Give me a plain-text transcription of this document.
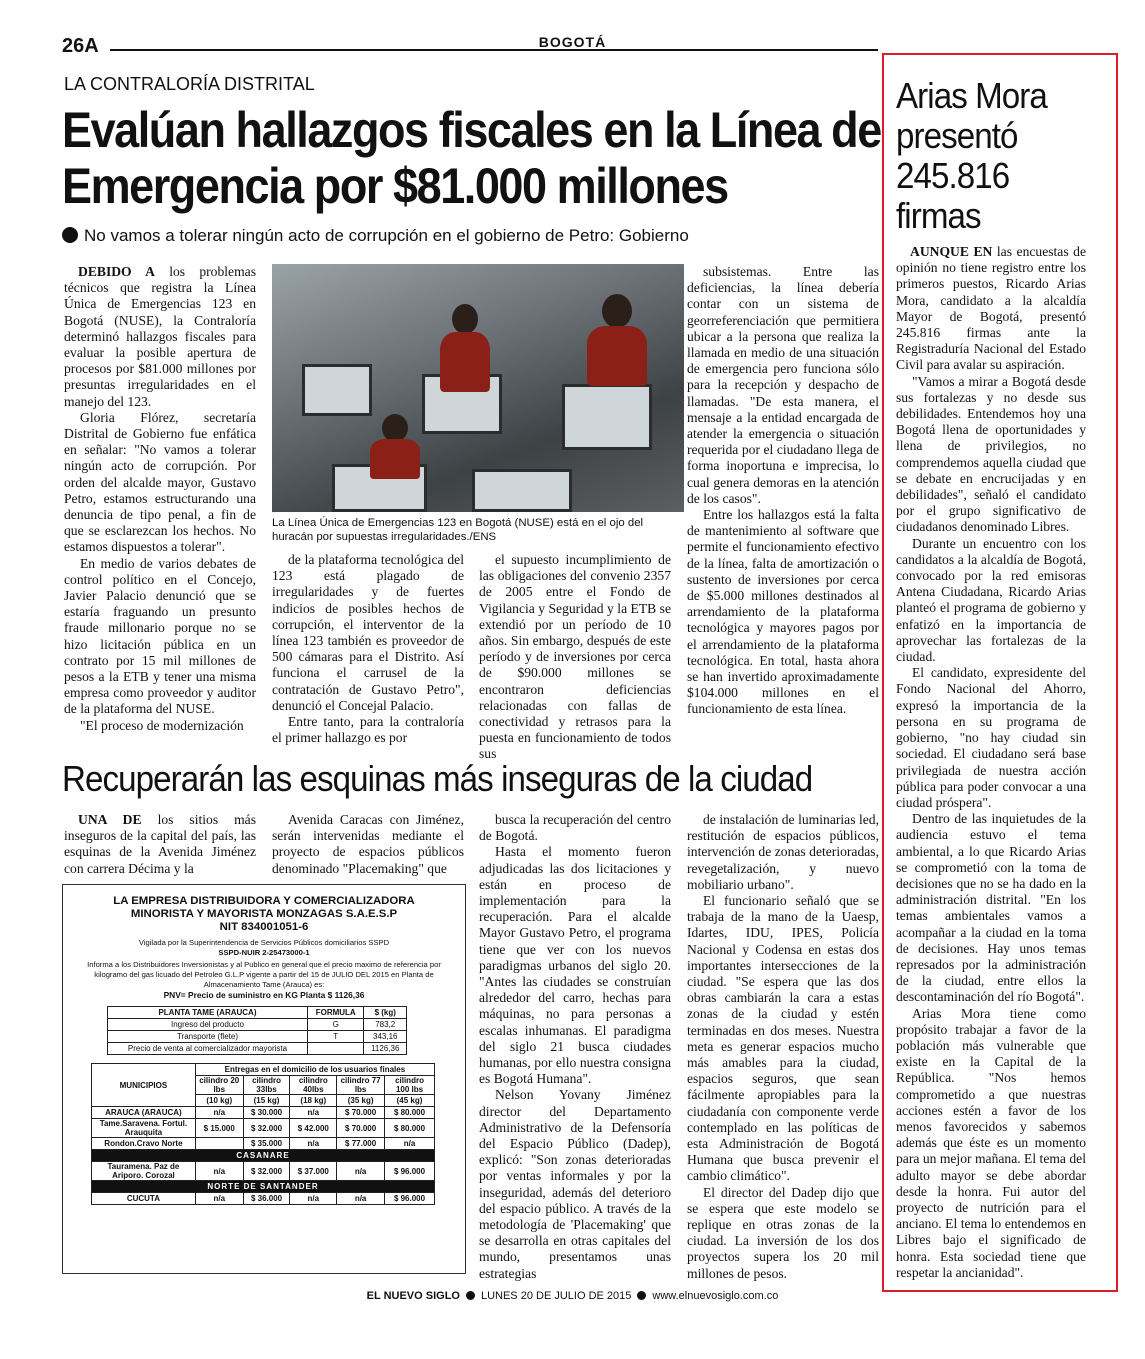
26A	BOGOTÁ
LA CONTRALORÍA DISTRITAL
Evalúan hallazgos fiscales en la Línea de Emergencia por $81.000 millones
No vamos a tolerar ningún acto de corrupción en el gobierno de Petro: Gobierno

DEBIDO A los problemas técnicos que registra la Línea Única de Emergencias 123 en Bogotá (NUSE), la Contraloría determinó hallazgos fiscales para evaluar la posible apertura de procesos por $81.000 millones por presuntas irregularidades en el manejo del 123.

Gloria Flórez, secretaría Distrital de Gobierno fue enfática en señalar: "No vamos a tolerar ningún acto de corrupción. Por orden del alcalde mayor, Gustavo Petro, estamos estructurando una denuncia de tipo penal, a fin de que se esclarezcan los hechos. No estamos dispuestos a tolerar".

En medio de varios debates de control político en el Concejo, Javier Palacio denunció que se estaría fraguando un presunto fraude millonario porque no se hizo licitación pública en un contrato por 15 mil millones de pesos a la ETB y tener una misma empresa como proveedor y auditor de la plataforma del NUSE.

"El proceso de modernización

La Línea Única de Emergencias 123 en Bogotá (NUSE) está en el ojo del huracán por supuestas irregularidades./ENS

de la plataforma tecnológica del 123 está plagado de irregularidades y de fuertes indicios de posibles hechos de corrupción, el interventor de la línea 123 también es proveedor de 500 cámaras para el Distrito. Así funciona el carrusel de la contratación de Gustavo Petro", denunció el Concejal Palacio.

Entre tanto, para la contraloría el primer hallazgo es por

el supuesto incumplimiento de las obligaciones del convenio 2357 de 2005 entre el Fondo de Vigilancia y Seguridad y la ETB se extendió por un período de 10 años. Sin embargo, después de este período y de inversiones por cerca de $90.000 millones se encontraron deficiencias relacionadas con fallas de conectividad y retrasos para la puesta en funcionamiento de todos sus

subsistemas. Entre las deficiencias, la línea debería contar con un sistema de georreferenciación que permitiera ubicar a la persona que realiza la llamada en medio de una situación de emergencia pero funciona sólo para la recepción y despacho de llamadas. "De esta manera, el mensaje a la entidad encargada de atender la emergencia o situación requerida por el ciudadano llega de forma inoportuna e imprecisa, lo cual genera demoras en la atención de los casos".

Entre los hallazgos está la falta de mantenimiento al software que permite el funcionamiento efectivo de la línea, falta de amortización o sustento de inversiones por cerca de $5.000 millones destinados al arrendamiento de la plataforma tecnológica y mayores pagos por el arrendamiento de la plataforma tecnológica. En total, hasta ahora se han invertido aproximadamente $104.000 millones en el funcionamiento de esta línea.

Recuperarán las esquinas más inseguras de la ciudad

UNA DE los sitios más inseguros de la capital del país, las esquinas de la Avenida Jiménez con carrera Décima y la

Avenida Caracas con Jiménez, serán intervenidas mediante el proyecto de espacios públicos denominado "Placemaking" que

busca la recuperación del centro de Bogotá.

Hasta el momento fueron adjudicadas las dos licitaciones y están en proceso de implementación para la recuperación. Para el alcalde Mayor Gustavo Petro, el programa tiene que ver con los nuevos paradigmas urbanos del siglo 20. "Antes las ciudades se construían alrededor del carro, hechas para máquinas, no para personas a escalas inhumanas. El paradigma del siglo 21 busca ciudades humanas, por ello nuestra consigna es Bogotá Humana".

Nelson Yovany Jiménez director del Departamento Administrativo de la Defensoría del Espacio Público (Dadep), explicó: "Son zonas deterioradas por ventas informales y por la inseguridad, además del deterioro del espacio público. A través de la metodología de 'Placemaking' que se desarrolla en otras capitales del mundo, presentamos unas estrategias

de instalación de luminarias led, restitución de espacios públicos, intervención de zonas deterioradas, revegetalización, y nuevo mobiliario urbano".

El funcionario señaló que se trabaja de la mano de la Uaesp, Idartes, IDU, IPES, Policía Nacional y Codensa en estas dos importantes intersecciones de la ciudad. "Se espera que las dos obras cambiarán la cara a estas zonas de la ciudad y estén terminadas en dos meses. Nuestra meta es generar espacios mucho más amables para la ciudad, espacios seguros, que sean fácilmente apropiables para la ciudadanía con componente verde contemplado en las políticas de esta Administración de Bogotá Humana que busca prevenir el cambio climático".

El director del Dadep dijo que se espera que este modelo se replique en otras zonas de la ciudad. La inversión de los dos proyectos supera los 20 mil millones de pesos.

LA EMPRESA DISTRIBUIDORA Y COMERCIALIZADORA
MINORISTA Y MAYORISTA MONZAGAS S.A.E.S.P
NIT 834001051-6
Vigilada por la Superintendencia de Servicios Públicos domiciliarios SSPD
SSPD-NUIR 2-25473000-1
Informa a los Distribuidores Inversionistas y al Publico en general que el precio maximo de referencia por kilogramo del gas licuado del Petroleo G.L.P vigente a partir del 15 de JULIO DEL 2015 en Planta de Almacenamiento Tame (Arauca) es:
PNV= Precio de suministro en KG Planta $ 1126,36
PLANTA TAME (ARAUCA)	FORMULA	$ (kg)
Ingreso del producto	G	783,2
Transporte (flete)	T	343,16
Precio de venta al comercializador mayorista		1126,36
MUNICIPIOS	Entregas en el domicilio de los usuarios finales				
	cilindro 20 lbs	cilindro 33lbs	cilindro 40lbs	cilindro 77 lbs	cilindro 100 lbs
	(10 kg)	(15 kg)	(18 kg)	(35 kg)	(45 kg)
ARAUCA (ARAUCA)	n/a	$ 30.000	n/a	$ 70.000	$ 80.000
Tame.Saravena. Fortul. Arauquita	$ 15.000	$ 32.000	$ 42.000	$ 70.000	$ 80.000
Rondon.Cravo Norte		$ 35.000	n/a	$ 77.000	n/a
CASANARE					
Tauramena. Paz de Ariporo. Corozal	n/a	$ 32.000	$ 37.000	n/a	$ 96.000
NORTE DE SANTANDER					
CUCUTA	n/a	$ 36.000	n/a	n/a	$ 96.000
Arias Mora presentó 245.816 firmas

AUNQUE EN las encuestas de opinión no tiene registro entre los primeros puestos, Ricardo Arias Mora, candidato a la alcaldía Mayor de Bogotá, presentó 245.816 firmas ante la Registraduría Nacional del Estado Civil para avalar su aspiración.

"Vamos a mirar a Bogotá desde sus fortalezas y no desde sus debilidades. Entendemos hoy una Bogotá llena de oportunidades y llena de privilegios, no comprendemos aquella ciudad que se debate en encrucijadas y en debilidades", señaló el candidato por el grupo significativo de ciudadanos denominado Libres.

Durante un encuentro con los candidatos a la alcaldía de Bogotá, convocado por la red emisoras Antena Ciudadana, Ricardo Arias planteó el programa de gobierno y enfatizó en la importancia de aprovechar las fortalezas de la ciudad.

El candidato, expresidente del Fondo Nacional del Ahorro, expresó la importancia de la persona en su programa de gobierno, "no hay ciudad sin sociedad. El ciudadano será base privilegiada de nuestra acción pública para poder convocar a una ciudad próspera".

Dentro de las inquietudes de la audiencia estuvo el tema ambiental, a lo que Ricardo Arias se comprometió con la toma de decisiones que no se ha dado en la administración distrital. "En los temas ambientales vamos a acompañar a la ciudad en la toma de decisiones. Hay unos temas represados por la administración de la ciudad, entre ellos la descontaminación del río Bogotá".

Arias Mora tiene como propósito trabajar a favor de la población más vulnerable que existe en la Capital de la República. "Nos hemos comprometido a que nuestras acciones estén a favor de los menos favorecidos y sabemos además que éste es un momento para un mejor mañana. El tema del adulto mayor se debe abordar desde la honra. Fui autor del proyecto de nutrición para el anciano. El tema lo entendemos en Libres bajo el significado de honra. Esta sociedad tiene que respetar la ancianidad".

EL NUEVO SIGLO LUNES 20 DE JULIO DE 2015 www.elnuevosiglo.com.co
